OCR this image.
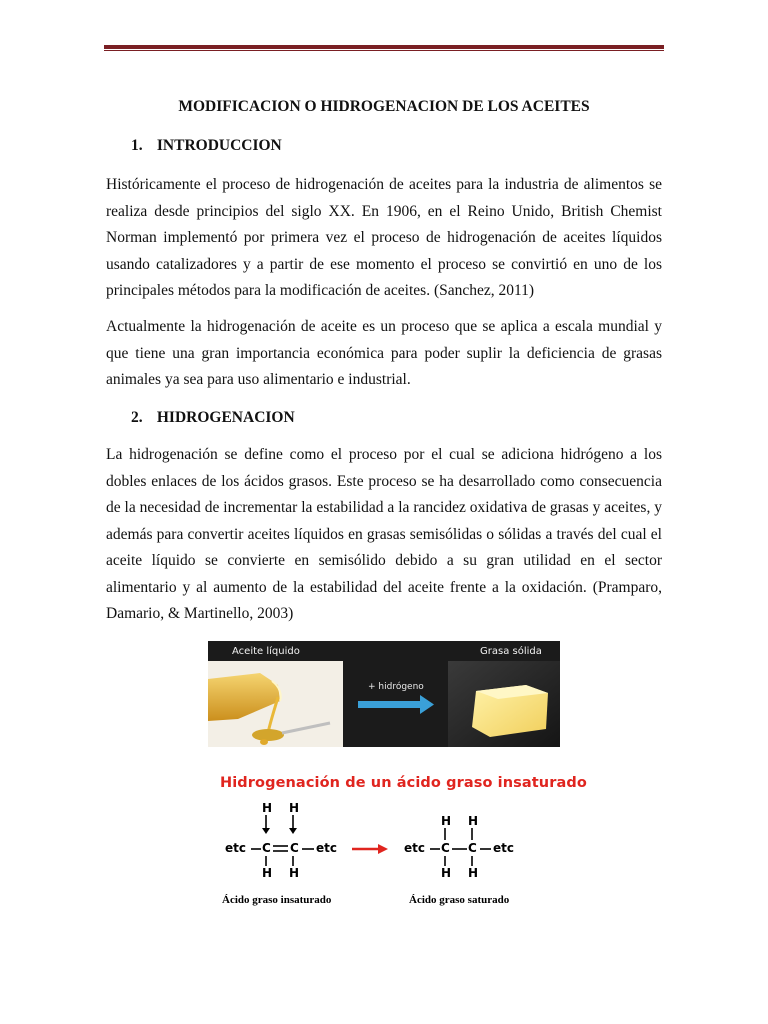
MODIFICACION O HIDROGENACION DE LOS ACEITES
1. INTRODUCCION
Históricamente el proceso de hidrogenación de aceites para la industria de alimentos se realiza desde principios del siglo XX. En 1906, en el Reino Unido, British Chemist Norman implementó por primera vez el proceso de hidrogenación de aceites líquidos usando catalizadores y a partir de ese momento el proceso se convirtió en uno de los principales métodos para la modificación de aceites. (Sanchez, 2011)
Actualmente la hidrogenación de aceite es un proceso que se aplica a escala mundial y que tiene una gran importancia económica para poder suplir la deficiencia de grasas animales ya sea para uso alimentario e industrial.
2. HIDROGENACION
La hidrogenación se define como el proceso por el cual se adiciona hidrógeno a los dobles enlaces de los ácidos grasos. Este proceso se ha desarrollado como consecuencia de la necesidad de incrementar la estabilidad a la rancidez oxidativa de grasas y aceites, y además para convertir aceites líquidos en grasas semisólidas o sólidas a través del cual el aceite líquido se convierte en semisólido debido a su gran utilidad en el sector alimentario y al aumento de la estabilidad del aceite frente a la oxidación. (Pramparo, Damario, & Martinello, 2003)
Aceite líquido
+ hidrógeno
Grasa sólida
Hidrogenación de un ácido graso insaturado
H H
etc C C etc
H H
H H
etc C C etc
H H
Ácido graso insaturado	Ácido graso saturado
